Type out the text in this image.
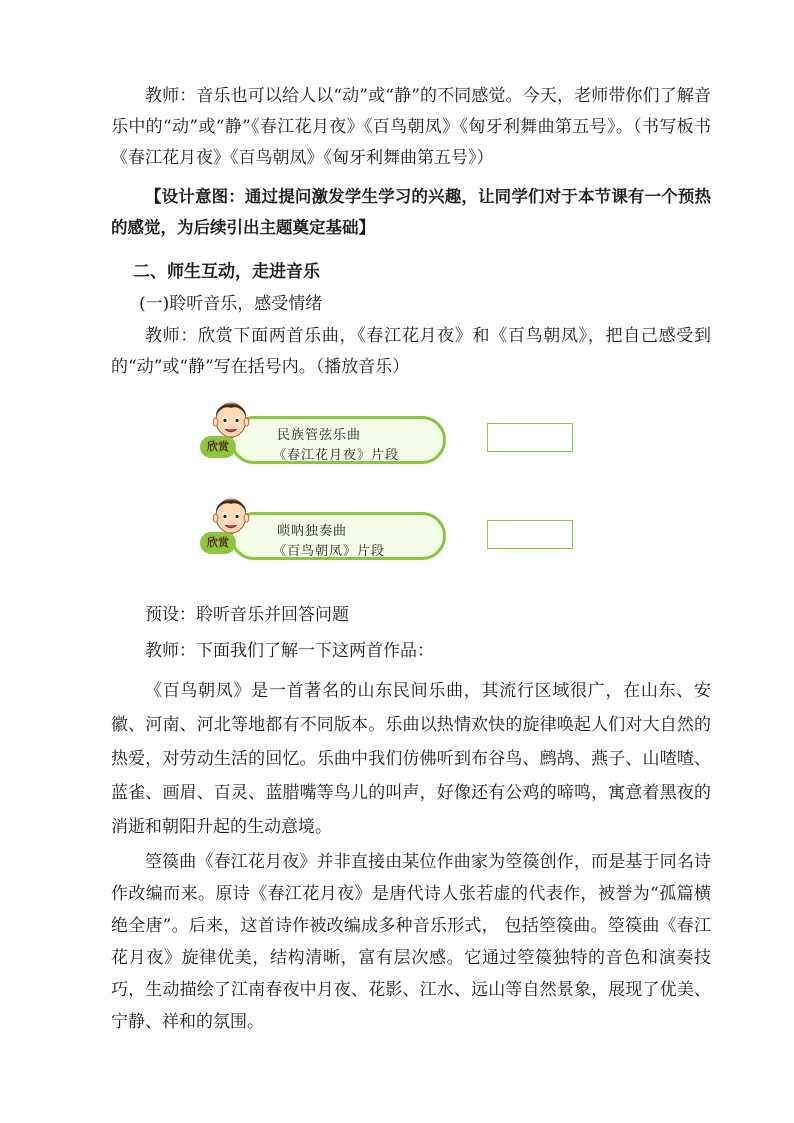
教师：音乐也可以给人以“动”或“静”的不同感觉。今天，老师带你们了解音乐中的“动”或“静”《春江花月夜》《百鸟朝凤》《匈牙利舞曲第五号》。（书写板书《春江花月夜》《百鸟朝凤》《匈牙利舞曲第五号》）

【设计意图：通过提问激发学生学习的兴趣，让同学们对于本节课有一个预热的感觉，为后续引出主题奠定基础】

二、师生互动，走进音乐

(一)聆听音乐，感受情绪

教师：欣赏下面两首乐曲，《春江花月夜》和《百鸟朝凤》，把自己感受到的“动”或“静”写在括号内。（播放音乐）

民族管弦乐曲
《春江花月夜》片段
欣赏
唢呐独奏曲
《百鸟朝凤》片段
欣赏

预设：聆听音乐并回答问题

教师：下面我们了解一下这两首作品：

《百鸟朝凤》是一首著名的山东民间乐曲，其流行区域很广，在山东、安徽、河南、河北等地都有不同版本。乐曲以热情欢快的旋律唤起人们对大自然的热爱，对劳动生活的回忆。乐曲中我们仿佛听到布谷鸟、鹧鸪、燕子、山喳喳、蓝雀、画眉、百灵、蓝腊嘴等鸟儿的叫声，好像还有公鸡的啼鸣，寓意着黑夜的消逝和朝阳升起的生动意境。

箜篌曲《春江花月夜》并非直接由某位作曲家为箜篌创作，而是基于同名诗作改编而来。原诗《春江花月夜》是唐代诗人张若虚的代表作，被誉为“孤篇横绝全唐”。后来，这首诗作被改编成多种音乐形式， 包括箜篌曲。箜篌曲《春江花月夜》旋律优美，结构清晰，富有层次感。它通过箜篌独特的音色和演奏技巧，生动描绘了江南春夜中月夜、花影、江水、远山等自然景象，展现了优美、宁静、祥和的氛围。
